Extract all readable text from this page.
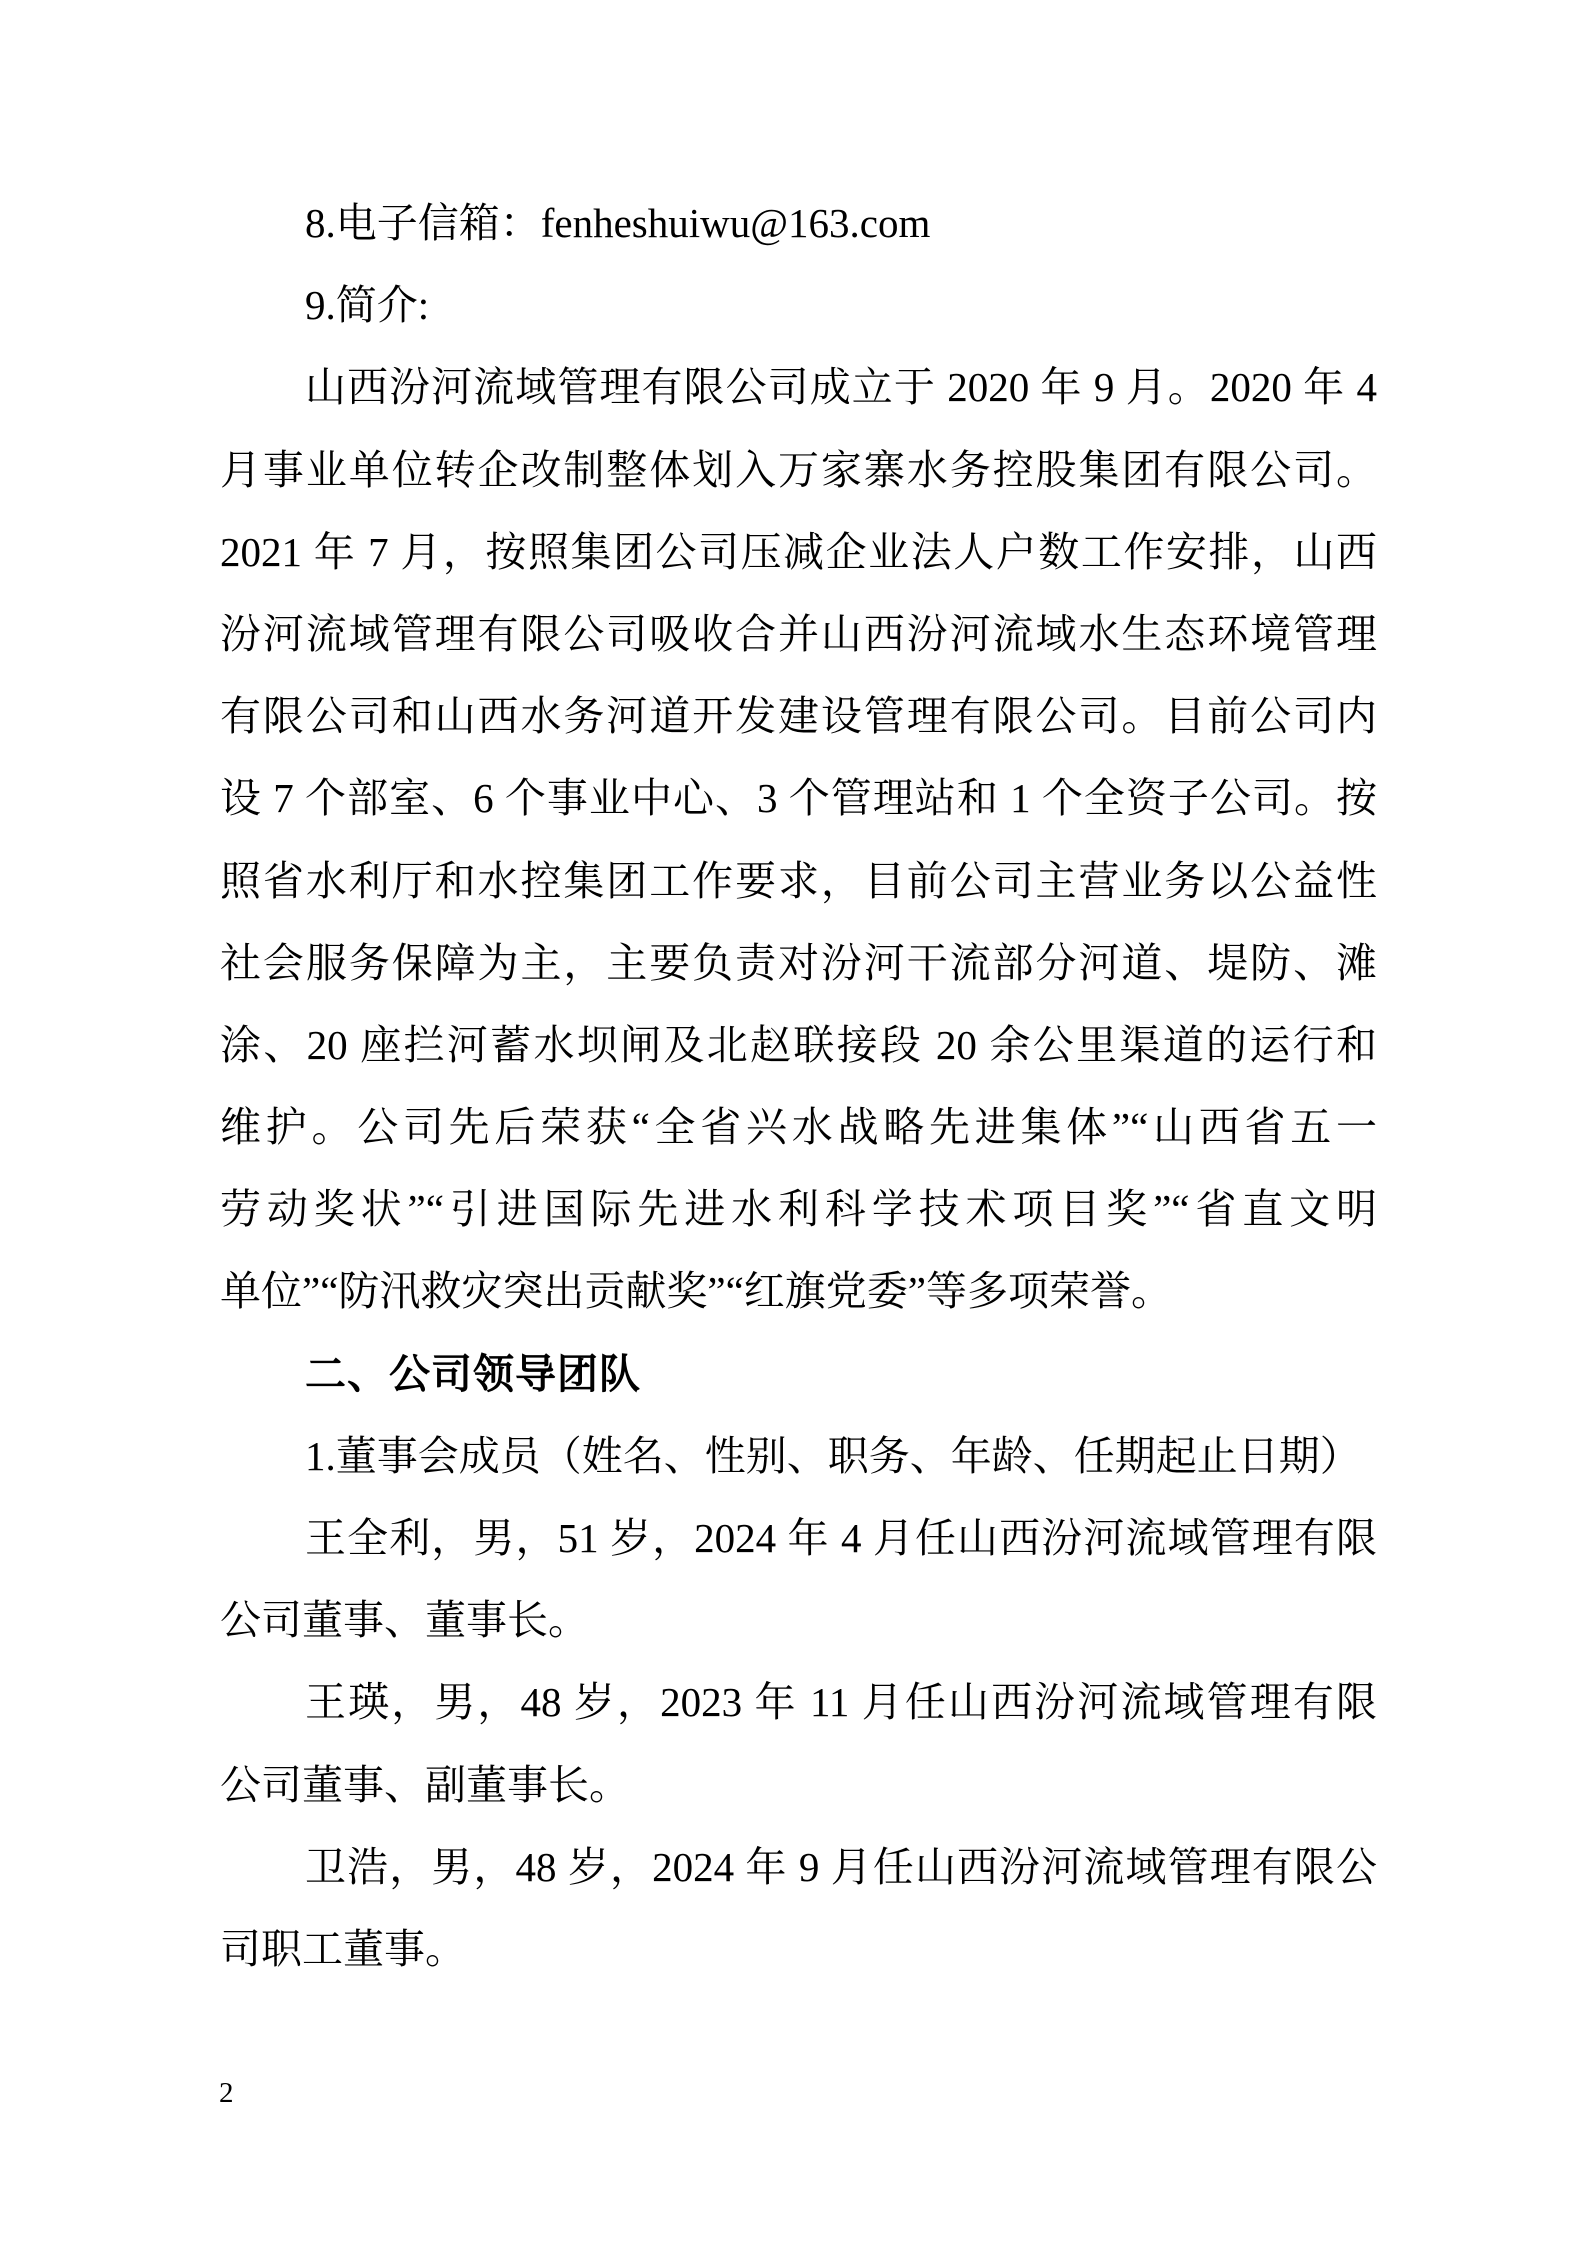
8.电子信箱：fenheshuiwu@163.com
9.简介:
山西汾河流域管理有限公司成立于 2020 年 9 月。2020 年 4
月事业单位转企改制整体划入万家寨水务控股集团有限公司。
2021 年 7 月，按照集团公司压减企业法人户数工作安排，山西
汾河流域管理有限公司吸收合并山西汾河流域水生态环境管理
有限公司和山西水务河道开发建设管理有限公司。目前公司内
设 7 个部室、6 个事业中心、3 个管理站和 1 个全资子公司。按
照省水利厅和水控集团工作要求，目前公司主营业务以公益性
社会服务保障为主，主要负责对汾河干流部分河道、堤防、滩
涂、20 座拦河蓄水坝闸及北赵联接段 20 余公里渠道的运行和
维护。公司先后荣获“全省兴水战略先进集体”“山西省五一
劳动奖状”“引进国际先进水利科学技术项目奖”“省直文明
单位”“防汛救灾突出贡献奖”“红旗党委”等多项荣誉。
二、公司领导团队
1.董事会成员（姓名、性别、职务、年龄、任期起止日期）
王全利，男，51 岁，2024 年 4 月任山西汾河流域管理有限
公司董事、董事长。
王瑛，男，48 岁，2023 年 11 月任山西汾河流域管理有限
公司董事、副董事长。
卫浩，男，48 岁，2024 年 9 月任山西汾河流域管理有限公
司职工董事。
2
